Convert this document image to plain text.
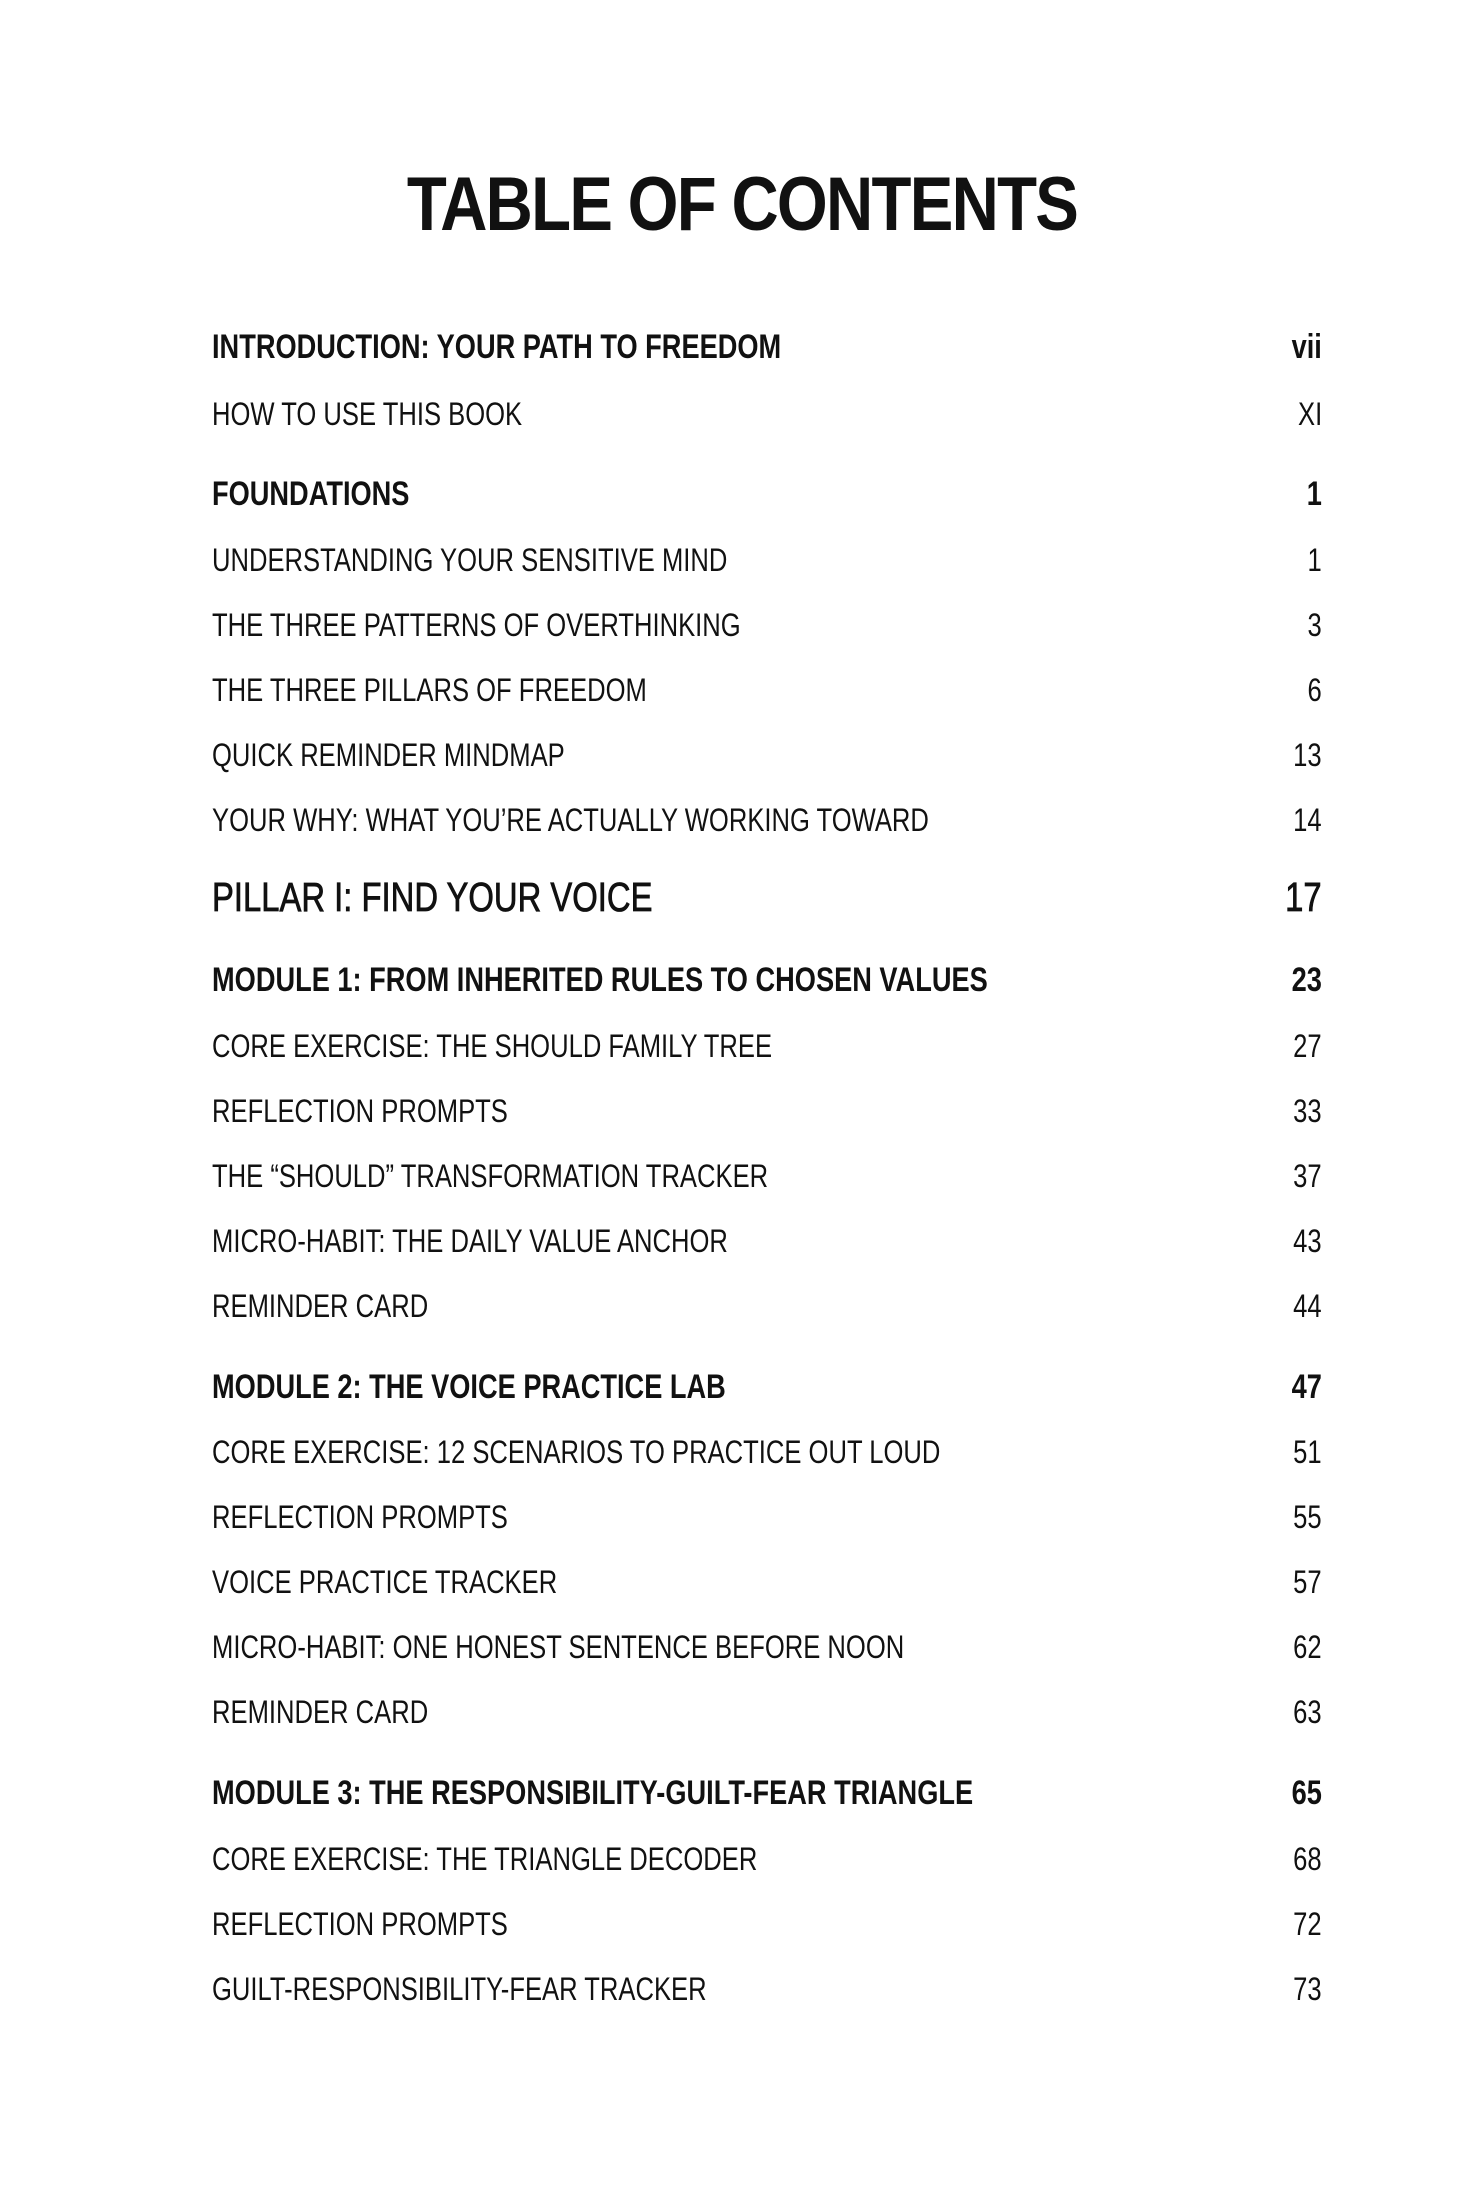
TABLE OF CONTENTS
INTRODUCTION: YOUR PATH TO FREEDOM	vii
HOW TO USE THIS BOOK	XI
FOUNDATIONS	1
UNDERSTANDING YOUR SENSITIVE MIND	1
THE THREE PATTERNS OF OVERTHINKING	3
THE THREE PILLARS OF FREEDOM	6
QUICK REMINDER MINDMAP	13
YOUR WHY: WHAT YOU’RE ACTUALLY WORKING TOWARD	14
PILLAR I: FIND YOUR VOICE	17
MODULE 1: FROM INHERITED RULES TO CHOSEN VALUES	23
CORE EXERCISE: THE SHOULD FAMILY TREE	27
REFLECTION PROMPTS	33
THE “SHOULD” TRANSFORMATION TRACKER	37
MICRO-HABIT: THE DAILY VALUE ANCHOR	43
REMINDER CARD	44
MODULE 2: THE VOICE PRACTICE LAB	47
CORE EXERCISE: 12 SCENARIOS TO PRACTICE OUT LOUD	51
REFLECTION PROMPTS	55
VOICE PRACTICE TRACKER	57
MICRO-HABIT: ONE HONEST SENTENCE BEFORE NOON	62
REMINDER CARD	63
MODULE 3: THE RESPONSIBILITY-GUILT-FEAR TRIANGLE	65
CORE EXERCISE: THE TRIANGLE DECODER	68
REFLECTION PROMPTS	72
GUILT-RESPONSIBILITY-FEAR TRACKER	73
